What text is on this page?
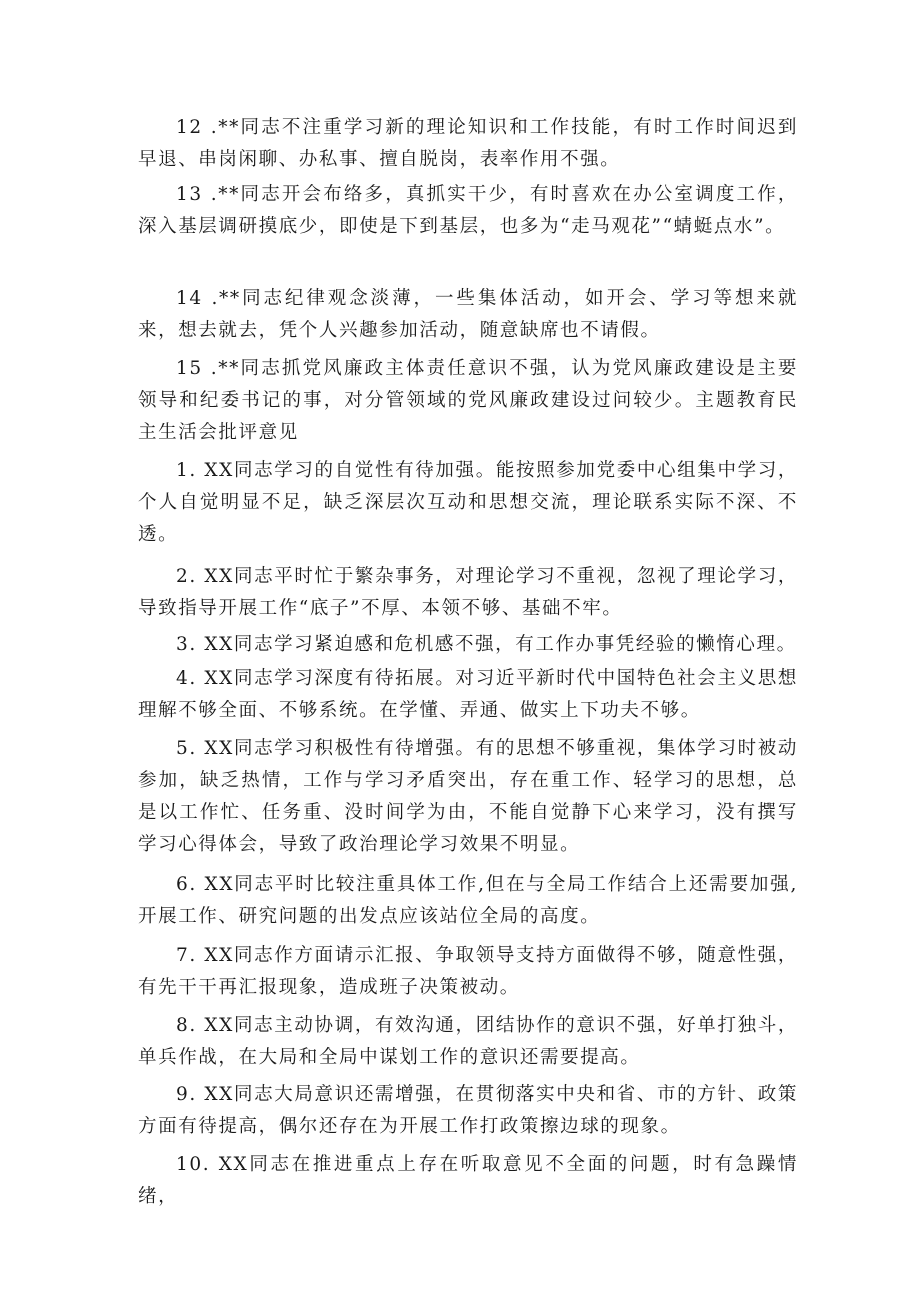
12 .**同志不注重学习新的理论知识和工作技能，有时工作时间迟到早退、串岗闲聊、办私事、擅自脱岗，表率作用不强。

13 .**同志开会布络多，真抓实干少，有时喜欢在办公室调度工作，深入基层调研摸底少，即使是下到基层，也多为“走马观花”“蜻蜓点水”。

14 .**同志纪律观念淡薄，一些集体活动，如开会、学习等想来就来，想去就去，凭个人兴趣参加活动，随意缺席也不请假。

15 .**同志抓党风廉政主体责任意识不强，认为党风廉政建设是主要领导和纪委书记的事，对分管领域的党风廉政建设过问较少。主题教育民主生活会批评意见

1. XX同志学习的自觉性有待加强。能按照参加党委中心组集中学习，个人自觉明显不足，缺乏深层次互动和思想交流，理论联系实际不深、不透。

2. XX同志平时忙于繁杂事务，对理论学习不重视，忽视了理论学习，导致指导开展工作“底子”不厚、本领不够、基础不牢。

3. XX同志学习紧迫感和危机感不强，有工作办事凭经验的懒惰心理。

4. XX同志学习深度有待拓展。对习近平新时代中国特色社会主义思想理解不够全面、不够系统。在学懂、弄通、做实上下功夫不够。

5. XX同志学习积极性有待增强。有的思想不够重视，集体学习时被动参加，缺乏热情，工作与学习矛盾突出，存在重工作、轻学习的思想，总是以工作忙、任务重、没时间学为由，不能自觉静下心来学习，没有撰写学习心得体会，导致了政治理论学习效果不明显。

6. XX同志平时比较注重具体工作,但在与全局工作结合上还需要加强,开展工作、研究问题的出发点应该站位全局的高度。

7. XX同志作方面请示汇报、争取领导支持方面做得不够，随意性强，有先干干再汇报现象，造成班子决策被动。

8. XX同志主动协调，有效沟通，团结协作的意识不强，好单打独斗，单兵作战，在大局和全局中谋划工作的意识还需要提高。

9. XX同志大局意识还需增强，在贯彻落实中央和省、市的方针、政策方面有待提高，偶尔还存在为开展工作打政策擦边球的现象。

10. XX同志在推进重点上存在听取意见不全面的问题，时有急躁情绪，
